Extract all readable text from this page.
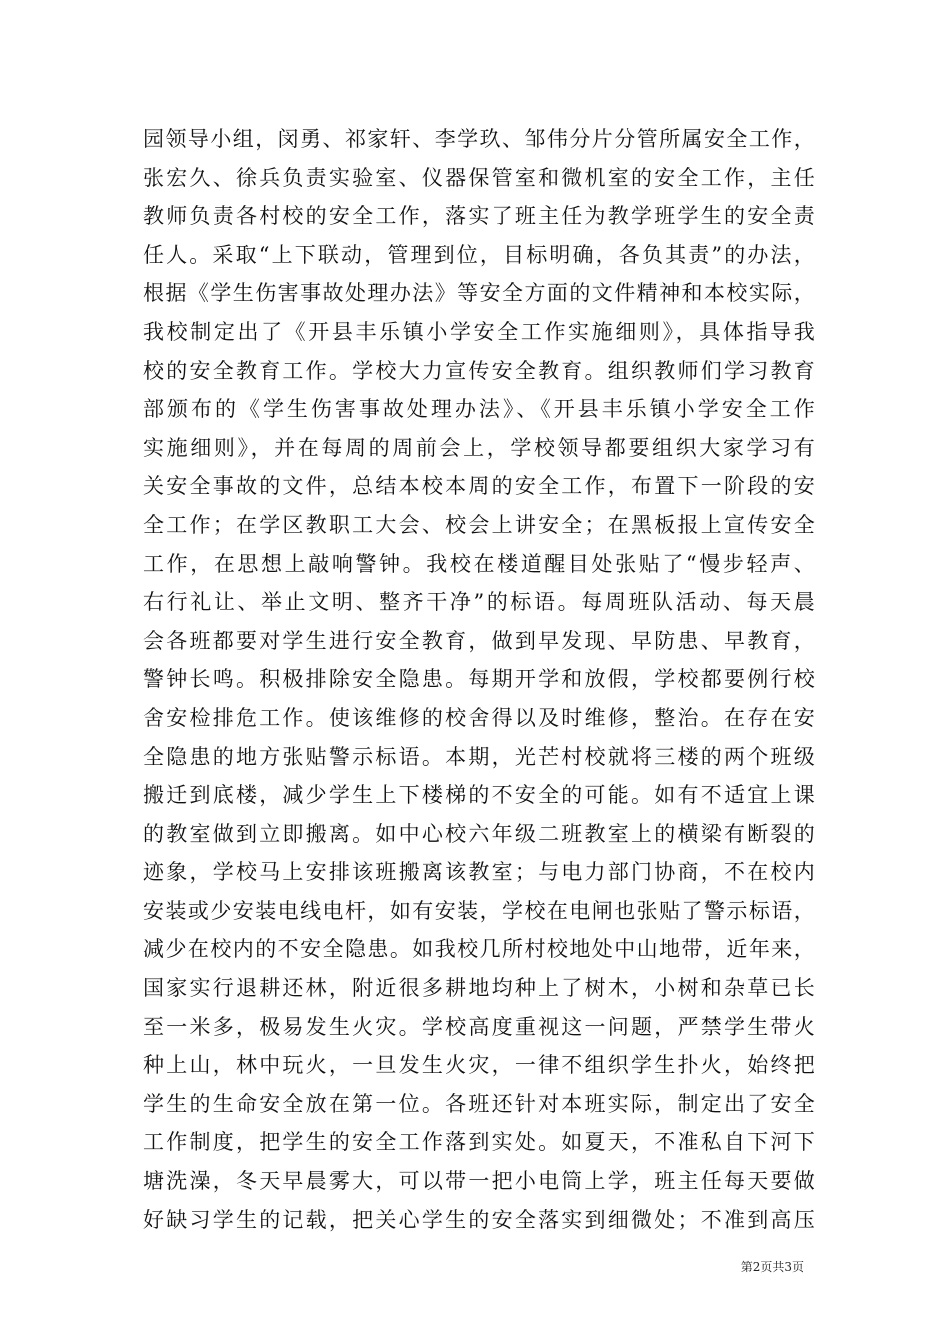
园领导小组，闵勇、祁家轩、李学玖、邹伟分片分管所属安全工作，
张宏久、徐兵负责实验室、仪器保管室和微机室的安全工作，主任
教师负责各村校的安全工作，落实了班主任为教学班学生的安全责
任人。采取“上下联动，管理到位，目标明确，各负其责”的办法，
根据《学生伤害事故处理办法》等安全方面的文件精神和本校实际，
我校制定出了《开县丰乐镇小学安全工作实施细则》，具体指导我
校的安全教育工作。学校大力宣传安全教育。组织教师们学习教育
部颁布的《学生伤害事故处理办法》、《开县丰乐镇小学安全工作
实施细则》，并在每周的周前会上，学校领导都要组织大家学习有
关安全事故的文件，总结本校本周的安全工作，布置下一阶段的安
全工作；在学区教职工大会、校会上讲安全；在黑板报上宣传安全
工作，在思想上敲响警钟。我校在楼道醒目处张贴了“慢步轻声、
右行礼让、举止文明、整齐干净”的标语。每周班队活动、每天晨
会各班都要对学生进行安全教育，做到早发现、早防患、早教育，
警钟长鸣。积极排除安全隐患。每期开学和放假，学校都要例行校
舍安检排危工作。使该维修的校舍得以及时维修，整治。在存在安
全隐患的地方张贴警示标语。本期，光芒村校就将三楼的两个班级
搬迁到底楼，减少学生上下楼梯的不安全的可能。如有不适宜上课
的教室做到立即搬离。如中心校六年级二班教室上的横梁有断裂的
迹象，学校马上安排该班搬离该教室；与电力部门协商，不在校内
安装或少安装电线电杆，如有安装，学校在电闸也张贴了警示标语，
减少在校内的不安全隐患。如我校几所村校地处中山地带，近年来，
国家实行退耕还林，附近很多耕地均种上了树木，小树和杂草已长
至一米多，极易发生火灾。学校高度重视这一问题，严禁学生带火
种上山，林中玩火，一旦发生火灾，一律不组织学生扑火，始终把
学生的生命安全放在第一位。各班还针对本班实际，制定出了安全
工作制度，把学生的安全工作落到实处。如夏天，不准私自下河下
塘洗澡，冬天早晨雾大，可以带一把小电筒上学，班主任每天要做
好缺习学生的记载，把关心学生的安全落实到细微处；不准到高压
第2页共3页
